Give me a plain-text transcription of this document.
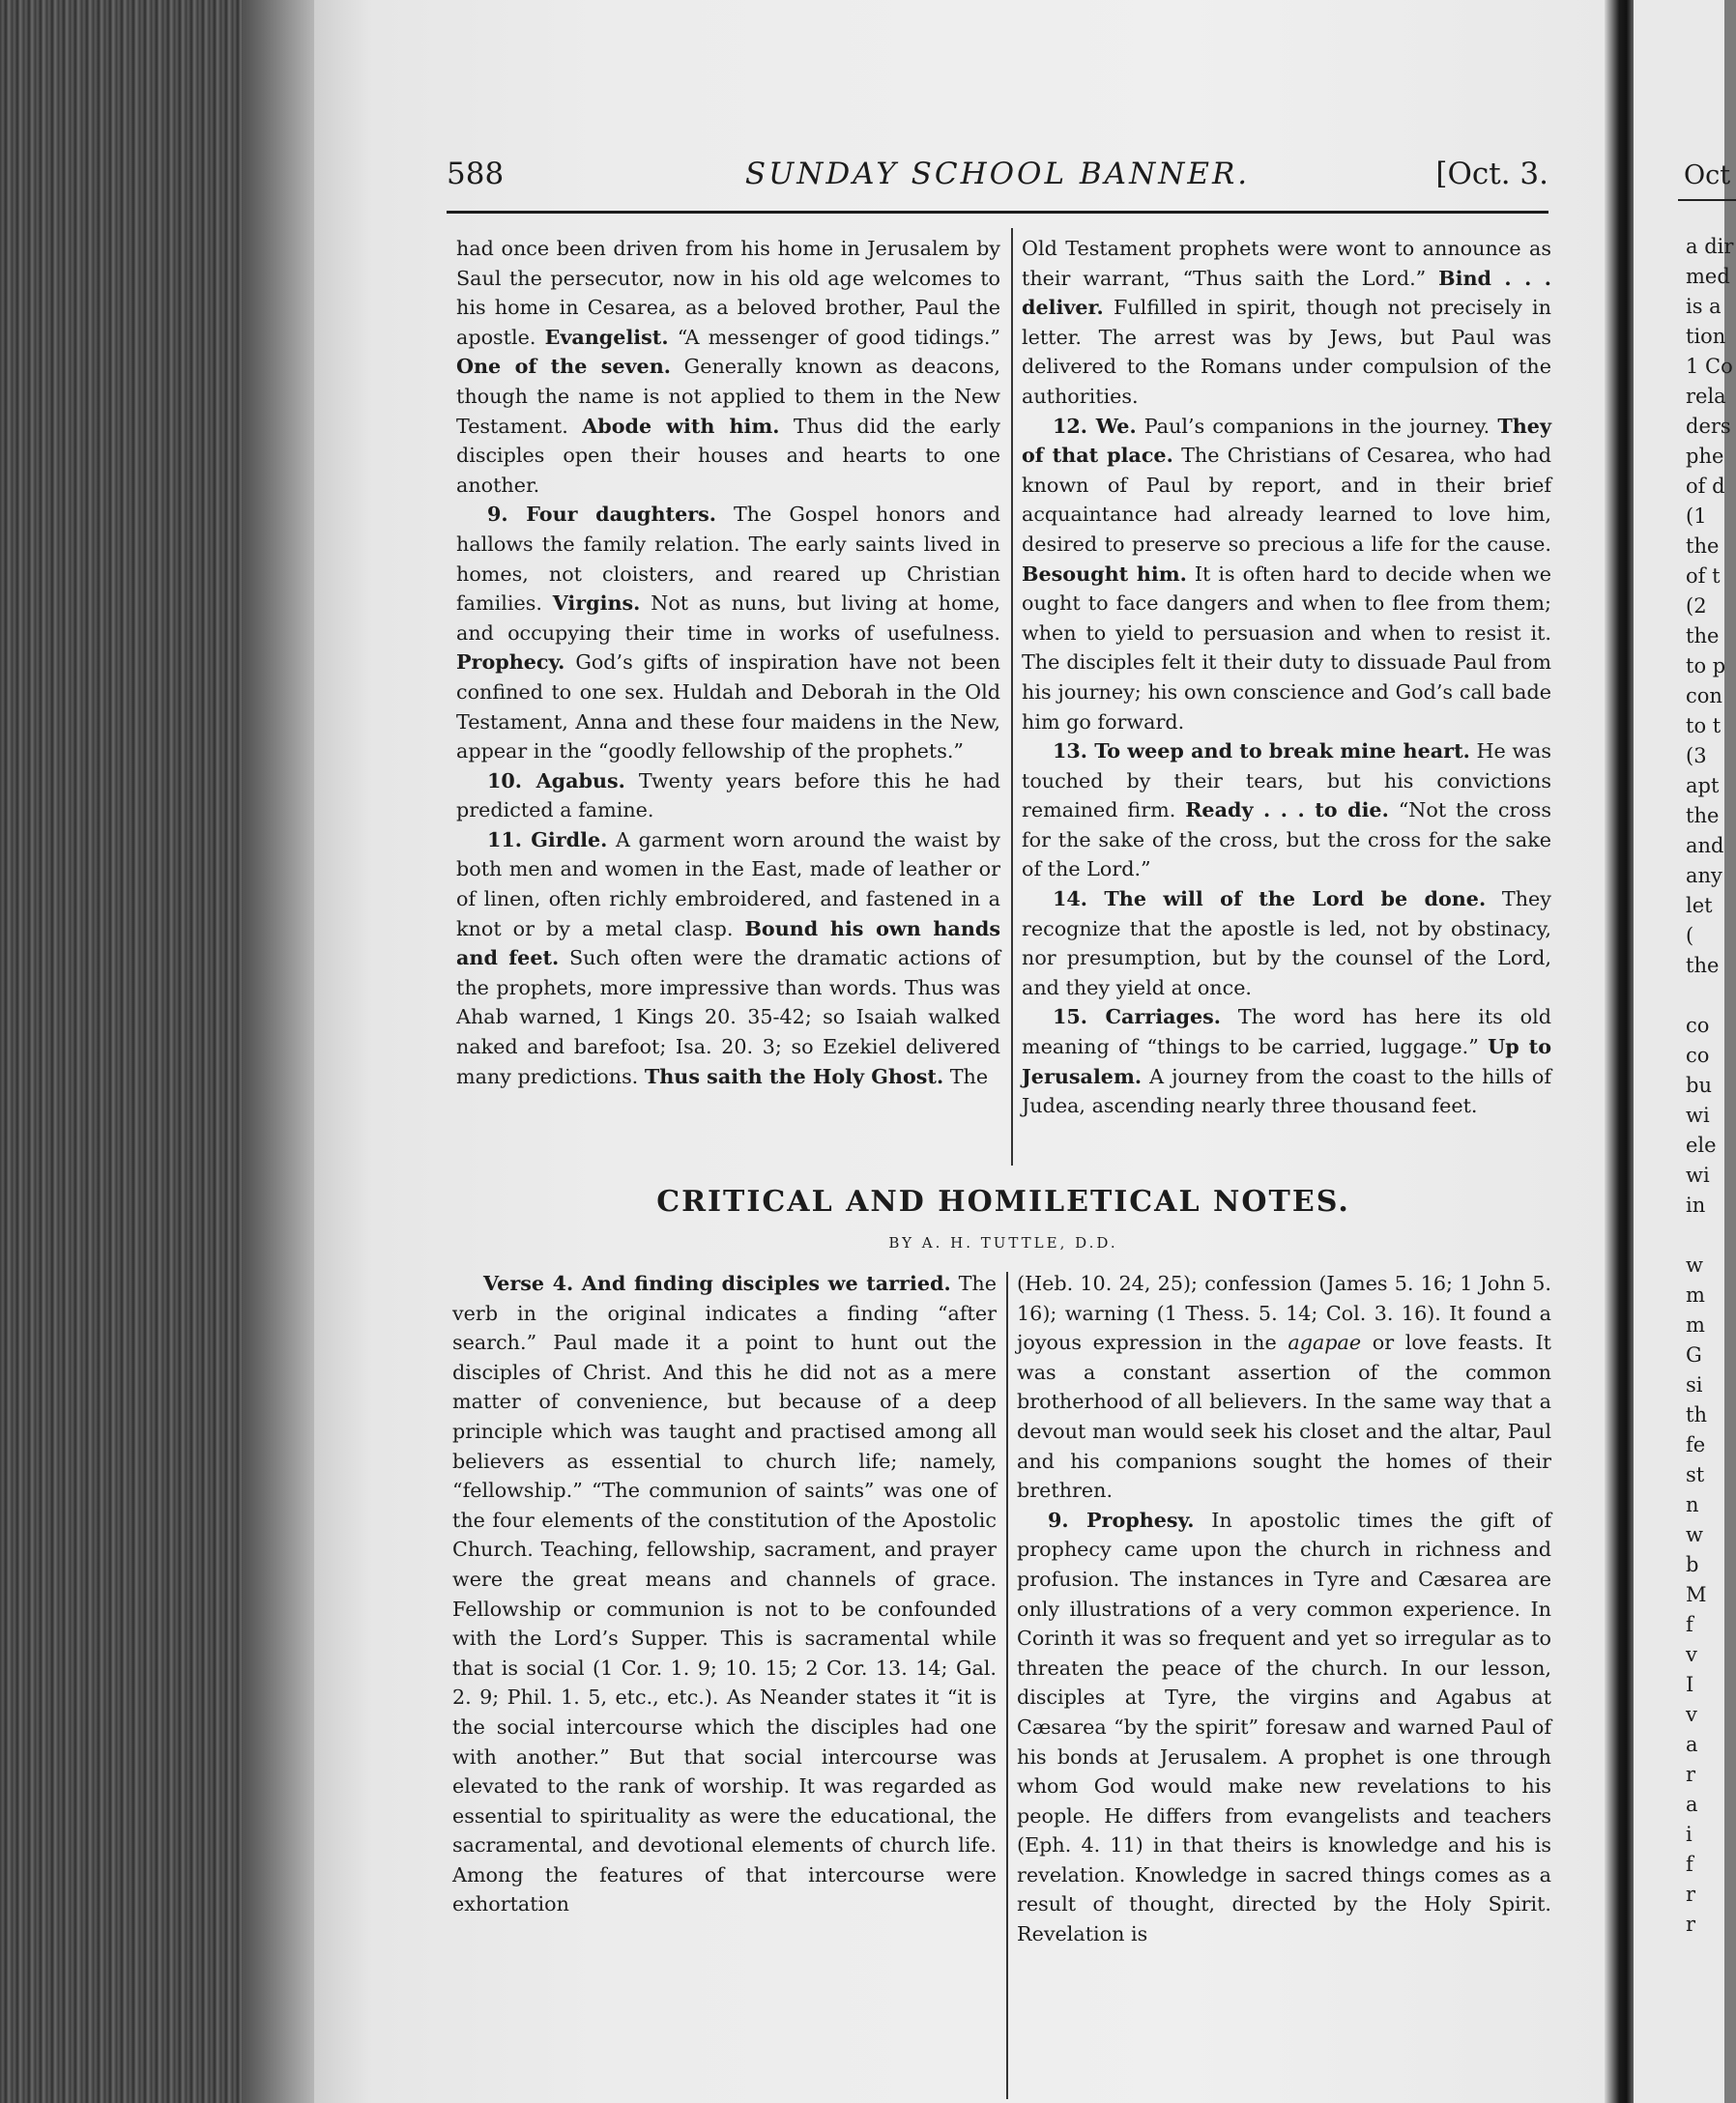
Oct
a dir
med
is a
tion
1 Co
rela
ders
phe
of d
(1
the
of t
(2
the
to p
con
to t
(3
apt
the
and
any
let
(
the
co
co
bu
wi
ele
wi
in
w
m
m
G
si
th
fe
st
n
w
b
M
f
v
I
v
a
r
a
i
f
r
r
588	SUNDAY SCHOOL BANNER.	[Oct. 3.

had once been driven from his home in Jerusalem by Saul the persecutor, now in his old age welcomes to his home in Cesarea, as a beloved brother, Paul the apostle. Evangelist. “A messenger of good tidings.” One of the seven. Generally known as deacons, though the name is not applied to them in the New Testament. Abode with him. Thus did the early disciples open their houses and hearts to one another.

9. Four daughters. The Gospel honors and hallows the family relation. The early saints lived in homes, not cloisters, and reared up Christian families. Virgins. Not as nuns, but living at home, and occupying their time in works of usefulness. Prophecy. God’s gifts of inspiration have not been confined to one sex. Huldah and Deborah in the Old Testament, Anna and these four maidens in the New, appear in the “goodly fellowship of the prophets.”

10. Agabus. Twenty years before this he had predicted a famine.

11. Girdle. A garment worn around the waist by both men and women in the East, made of leather or of linen, often richly embroidered, and fastened in a knot or by a metal clasp. Bound his own hands and feet. Such often were the dramatic actions of the prophets, more impressive than words. Thus was Ahab warned, 1 Kings 20. 35-42; so Isaiah walked naked and barefoot; Isa. 20. 3; so Ezekiel delivered many predictions. Thus saith the Holy Ghost. The

Old Testament prophets were wont to announce as their warrant, “Thus saith the Lord.” Bind . . . deliver. Fulfilled in spirit, though not precisely in letter. The arrest was by Jews, but Paul was delivered to the Romans under compulsion of the authorities.

12. We. Paul’s companions in the journey. They of that place. The Christians of Cesarea, who had known of Paul by report, and in their brief acquaintance had already learned to love him, desired to preserve so precious a life for the cause. Besought him. It is often hard to decide when we ought to face dangers and when to flee from them; when to yield to persuasion and when to resist it. The disciples felt it their duty to dissuade Paul from his journey; his own conscience and God’s call bade him go forward.

13. To weep and to break mine heart. He was touched by their tears, but his convictions remained firm. Ready . . . to die. “Not the cross for the sake of the cross, but the cross for the sake of the Lord.”

14. The will of the Lord be done. They recognize that the apostle is led, not by obstinacy, nor presumption, but by the counsel of the Lord, and they yield at once.

15. Carriages. The word has here its old meaning of “things to be carried, luggage.” Up to Jerusalem. A journey from the coast to the hills of Judea, ascending nearly three thousand feet.

CRITICAL AND HOMILETICAL NOTES.
BY A. H. TUTTLE, D.D.

Verse 4. And finding disciples we tarried. The verb in the original indicates a finding “after search.” Paul made it a point to hunt out the disciples of Christ. And this he did not as a mere matter of convenience, but because of a deep principle which was taught and practised among all believers as essential to church life; namely, “fellowship.” “The communion of saints” was one of the four elements of the constitution of the Apostolic Church. Teaching, fellowship, sacrament, and prayer were the great means and channels of grace. Fellowship or communion is not to be confounded with the Lord’s Supper. This is sacramental while that is social (1 Cor. 1. 9; 10. 15; 2 Cor. 13. 14; Gal. 2. 9; Phil. 1. 5, etc., etc.). As Neander states it “it is the social intercourse which the disciples had one with another.” But that social intercourse was elevated to the rank of worship. It was regarded as essential to spirituality as were the educational, the sacramental, and devotional elements of church life. Among the features of that intercourse were exhortation

(Heb. 10. 24, 25); confession (James 5. 16; 1 John 5. 16); warning (1 Thess. 5. 14; Col. 3. 16). It found a joyous expression in the agapae or love feasts. It was a constant assertion of the common brotherhood of all believers. In the same way that a devout man would seek his closet and the altar, Paul and his companions sought the homes of their brethren.

9. Prophesy. In apostolic times the gift of prophecy came upon the church in richness and profusion. The instances in Tyre and Cæsarea are only illustrations of a very common experience. In Corinth it was so frequent and yet so irregular as to threaten the peace of the church. In our lesson, disciples at Tyre, the virgins and Agabus at Cæsarea “by the spirit” foresaw and warned Paul of his bonds at Jerusalem. A prophet is one through whom God would make new revelations to his people. He differs from evangelists and teachers (Eph. 4. 11) in that theirs is knowledge and his is revelation. Knowledge in sacred things comes as a result of thought, directed by the Holy Spirit. Revelation is
